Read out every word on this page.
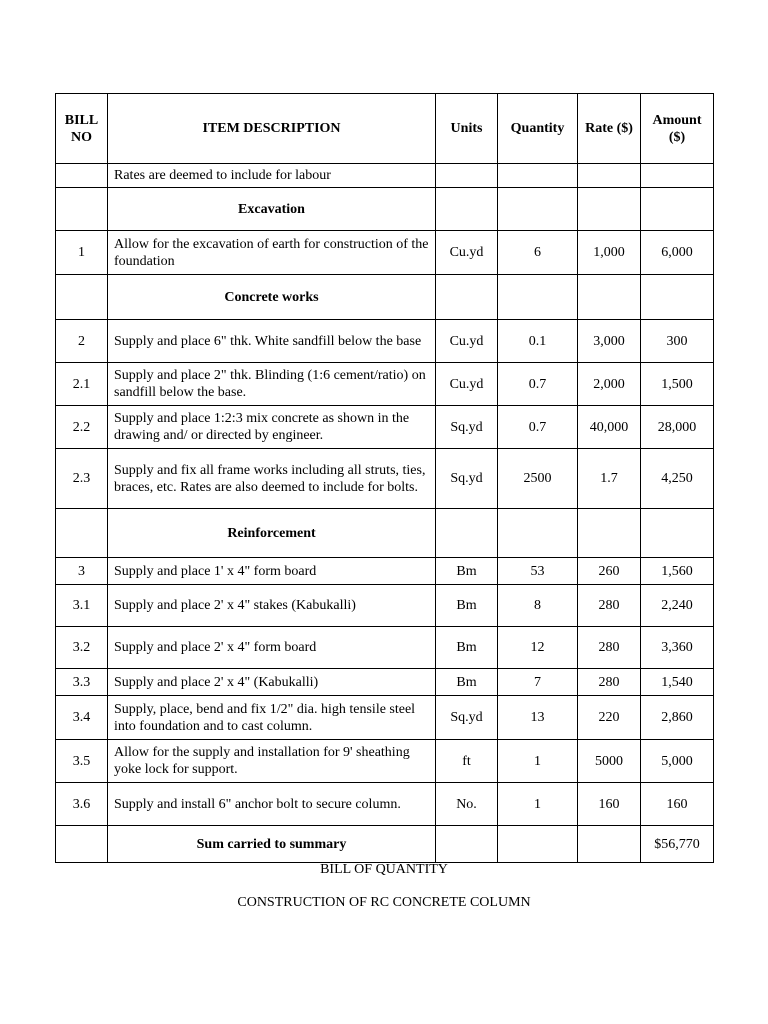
BILL NO	ITEM DESCRIPTION	Units	Quantity	Rate ($)	Amount ($)
	Rates are deemed to include for labour				
	Excavation				
1	Allow for the excavation of earth for construction of the foundation	Cu.yd	6	1,000	6,000
	Concrete works				
2	Supply and place 6" thk. White sandfill below the base	Cu.yd	0.1	3,000	300
2.1	Supply and place 2" thk. Blinding (1:6 cement/ratio) on sandfill below the base.	Cu.yd	0.7	2,000	1,500
2.2	Supply and place 1:2:3 mix concrete as shown in the drawing and/ or directed by engineer.	Sq.yd	0.7	40,000	28,000
2.3	Supply and fix all frame works including all struts, ties, braces, etc. Rates are also deemed to include for bolts.	Sq.yd	2500	1.7	4,250
	Reinforcement				
3	Supply and place 1' x 4" form board	Bm	53	260	1,560
3.1	Supply and place 2' x 4" stakes (Kabukalli)	Bm	8	280	2,240
3.2	Supply and place 2' x 4" form board	Bm	12	280	3,360
3.3	Supply and place 2' x 4" (Kabukalli)	Bm	7	280	1,540
3.4	Supply, place, bend and fix 1/2" dia. high tensile steel into foundation and to cast column.	Sq.yd	13	220	2,860
3.5	Allow for the supply and installation for 9' sheathing yoke lock for support.	ft	1	5000	5,000
3.6	Supply and install 6" anchor bolt to secure column.	No.	1	160	160
	Sum carried to summary				$56,770
BILL OF QUANTITY
CONSTRUCTION OF RC CONCRETE COLUMN
